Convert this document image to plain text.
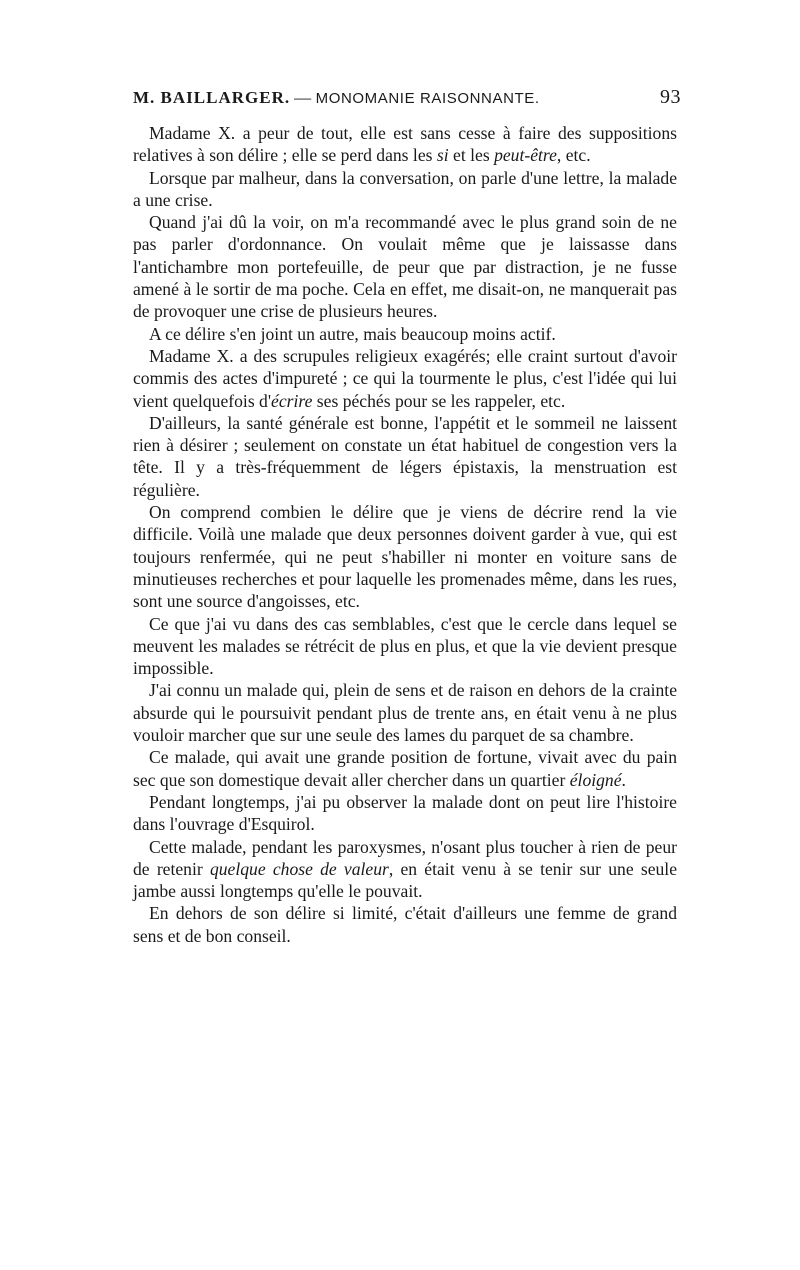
M. BAILLARGER. — MONOMANIE RAISONNANTE.	93

Madame X. a peur de tout, elle est sans cesse à faire des suppositions relatives à son délire ; elle se perd dans les si et les peut-être, etc.

Lorsque par malheur, dans la conversation, on parle d'une lettre, la malade a une crise.

Quand j'ai dû la voir, on m'a recommandé avec le plus grand soin de ne pas parler d'ordonnance. On voulait même que je laissasse dans l'antichambre mon portefeuille, de peur que par distraction, je ne fusse amené à le sortir de ma poche. Cela en effet, me disait-on, ne manquerait pas de provoquer une crise de plusieurs heures.

A ce délire s'en joint un autre, mais beaucoup moins actif.

Madame X. a des scrupules religieux exagérés; elle craint surtout d'avoir commis des actes d'impureté ; ce qui la tourmente le plus, c'est l'idée qui lui vient quelquefois d'écrire ses péchés pour se les rappeler, etc.

D'ailleurs, la santé générale est bonne, l'appétit et le sommeil ne laissent rien à désirer ; seulement on constate un état habituel de congestion vers la tête. Il y a très-fréquemment de légers épistaxis, la menstruation est régulière.

On comprend combien le délire que je viens de décrire rend la vie difficile. Voilà une malade que deux personnes doivent garder à vue, qui est toujours renfermée, qui ne peut s'habiller ni monter en voiture sans de minutieuses recherches et pour laquelle les promenades même, dans les rues, sont une source d'angoisses, etc.

Ce que j'ai vu dans des cas semblables, c'est que le cercle dans lequel se meuvent les malades se rétrécit de plus en plus, et que la vie devient presque impossible.

J'ai connu un malade qui, plein de sens et de raison en dehors de la crainte absurde qui le poursuivit pendant plus de trente ans, en était venu à ne plus vouloir marcher que sur une seule des lames du parquet de sa chambre.

Ce malade, qui avait une grande position de fortune, vivait avec du pain sec que son domestique devait aller chercher dans un quartier éloigné.

Pendant longtemps, j'ai pu observer la malade dont on peut lire l'histoire dans l'ouvrage d'Esquirol.

Cette malade, pendant les paroxysmes, n'osant plus toucher à rien de peur de retenir quelque chose de valeur, en était venu à se tenir sur une seule jambe aussi longtemps qu'elle le pouvait.

En dehors de son délire si limité, c'était d'ailleurs une femme de grand sens et de bon conseil.
